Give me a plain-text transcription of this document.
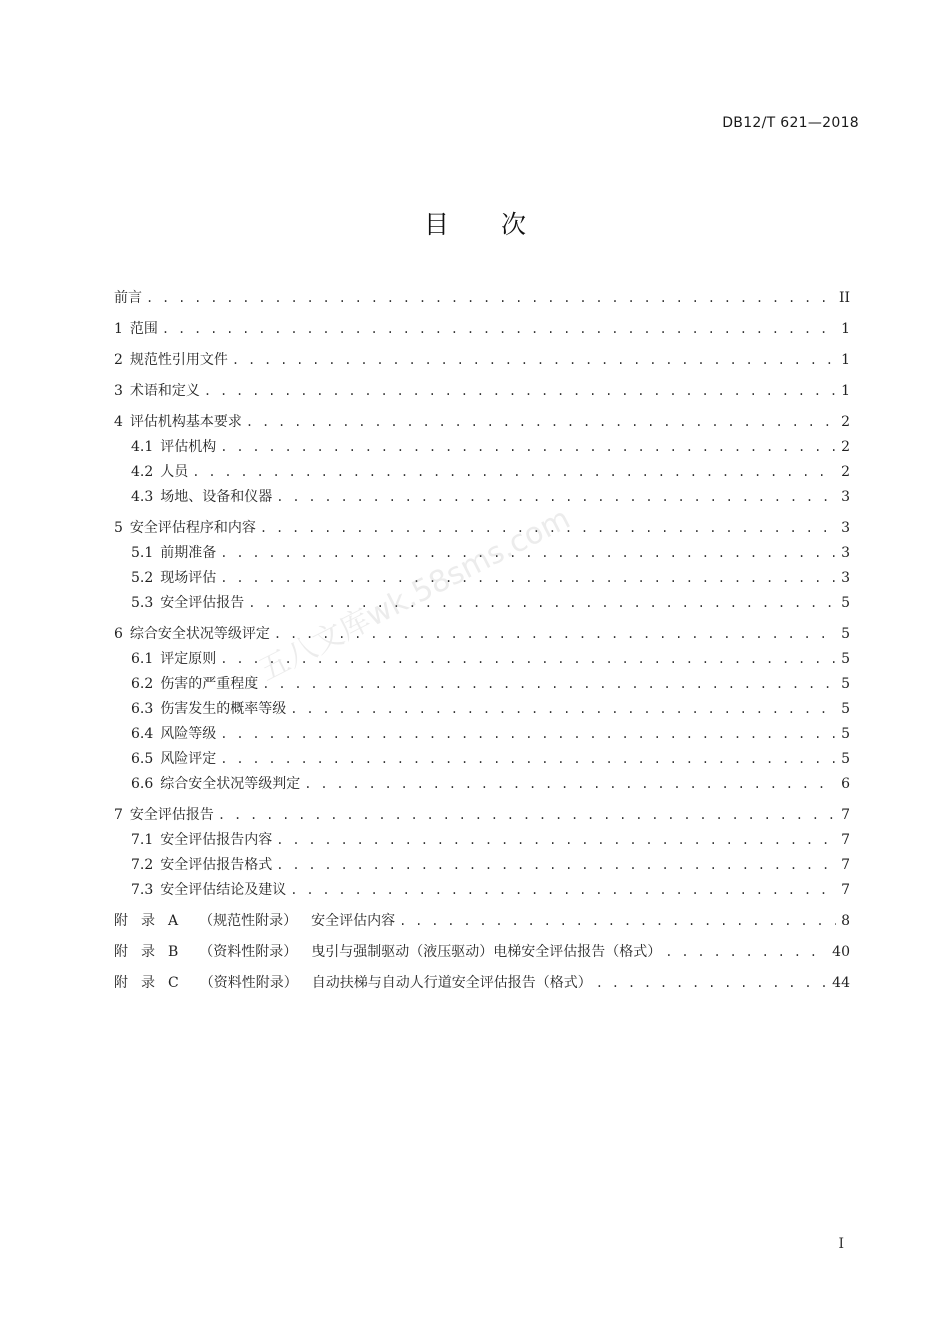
DB12/T 621—2018
目 次
前言 . . .	II
1 范围 . . .	1
2 规范性引用文件 . . .	1
3 术语和定义 . . .	1
4 评估机构基本要求 . . .	2
4.1 评估机构 . . .	2
4.2 人员 . . .	2
4.3 场地、设备和仪器 . . .	3
5 安全评估程序和内容 . . .	3
5.1 前期准备 . . .	3
5.2 现场评估 . . .	3
5.3 安全评估报告 . . .	5
6 综合安全状况等级评定 . . .	5
6.1 评定原则 . . .	5
6.2 伤害的严重程度 . . .	5
6.3 伤害发生的概率等级 . . .	5
6.4 风险等级 . . .	5
6.5 风险评定 . . .	5
6.6 综合安全状况等级判定 . . .	6
7 安全评估报告 . . .	7
7.1 安全评估报告内容 . . .	7
7.2 安全评估报告格式 . . .	7
7.3 安全评估结论及建议 . . .	7
附录A （规范性附录） 安全评估内容 . . .	8
附录B （资料性附录） 曳引与强制驱动（液压驱动）电梯安全评估报告（格式） . . .	40
附录C （资料性附录） 自动扶梯与自动人行道安全评估报告（格式） . . .	44
五八文库wk.58sms.com
I
